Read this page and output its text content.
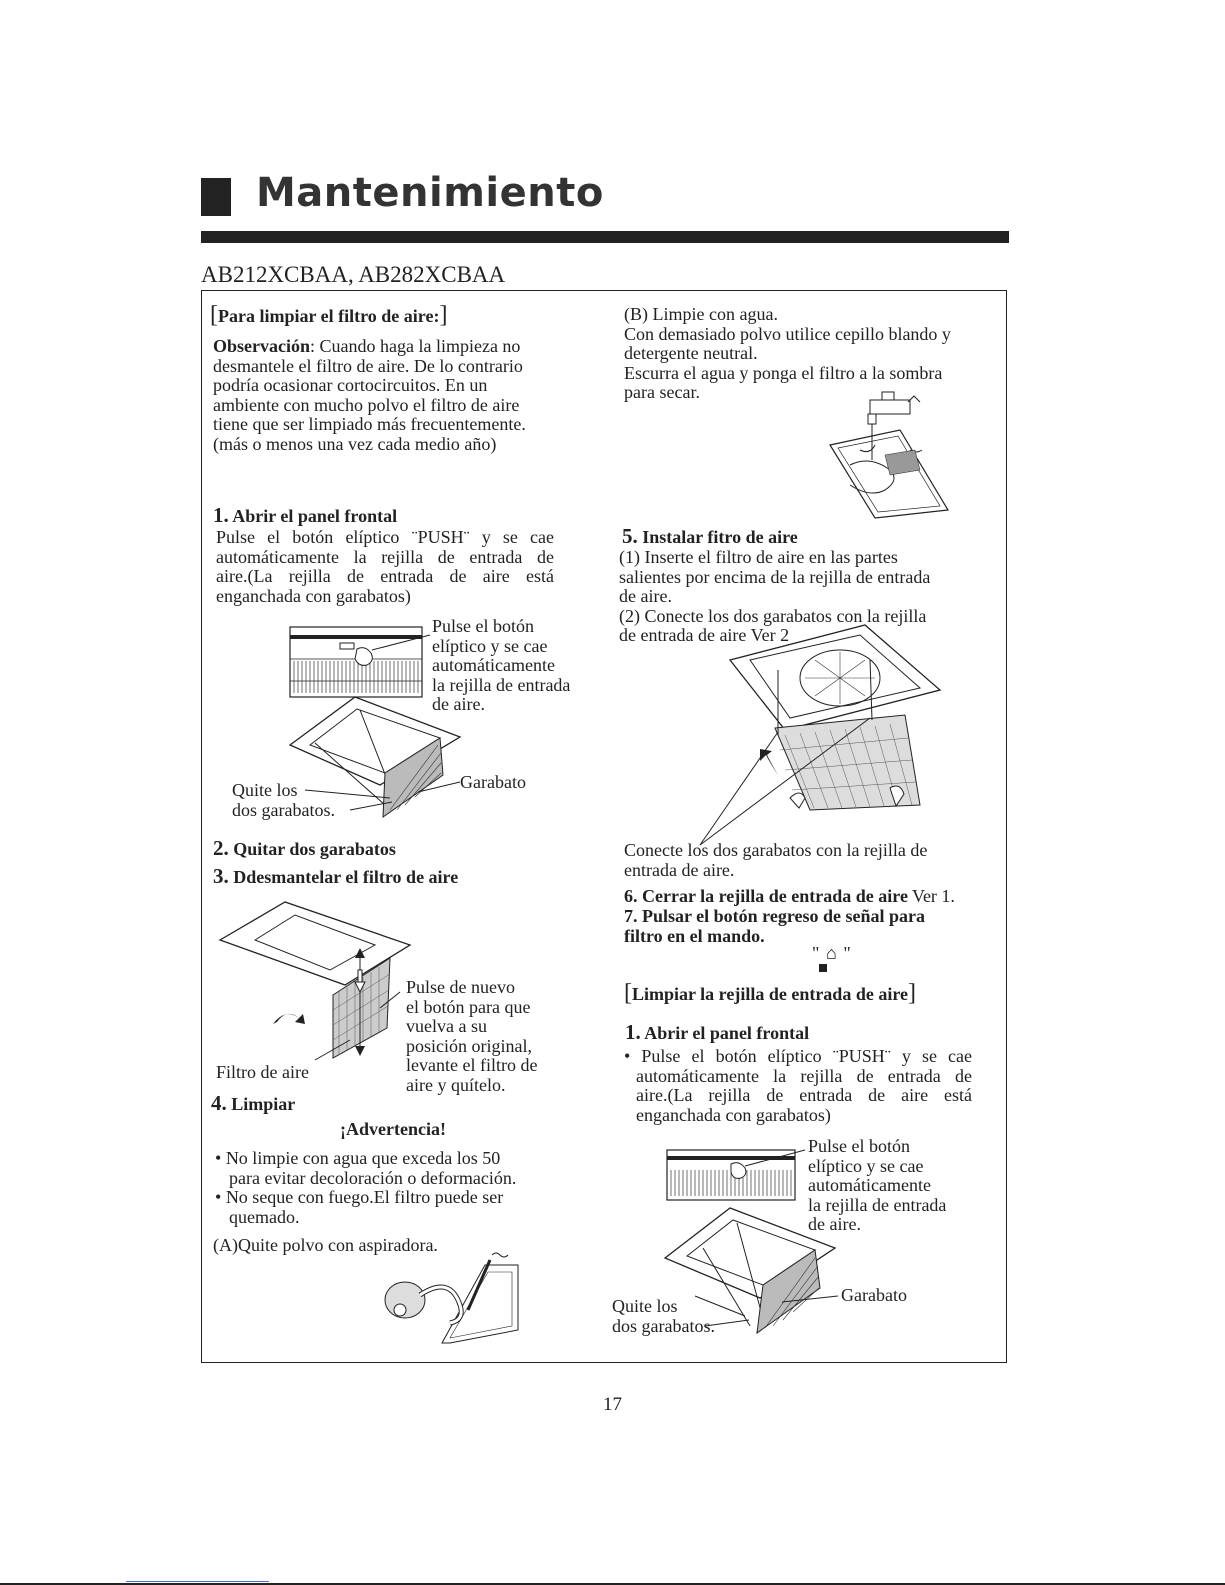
Mantenimiento
AB212XCBAA, AB282XCBAA
[Para limpiar el filtro de aire:]
Observación: Cuando haga la limpieza no
desmantele el filtro de aire. De lo contrario
podría ocasionar cortocircuitos. En un
ambiente con mucho polvo el filtro de aire
tiene que ser limpiado más frecuentemente.
(más o menos una vez cada medio año)
1. Abrir el panel frontal
Pulse el botón elíptico ¨PUSH¨ y se cae
automáticamente la rejilla de entrada de
aire.(La rejilla de entrada de aire está
enganchada con garabatos)
Pulse el botón
elíptico y se cae
automáticamente
la rejilla de entrada
de aire.
Quite los
dos garabatos.
Garabato
2. Quitar dos garabatos
3. Ddesmantelar el filtro de aire
Pulse de nuevo
el botón para que
vuelva a su
posición original,
levante el filtro de
aire y quítelo.
Filtro de aire
4. Limpiar
¡Advertencia!
• No limpie con agua que exceda los 50
para evitar decoloración o deformación.
• No seque con fuego.El filtro puede ser
quemado.
(A)Quite polvo con aspiradora.
(B) Limpie con agua.
Con demasiado polvo utilice cepillo blando y
detergente neutral.
Escurra el agua y ponga el filtro a la sombra
para secar.
5. Instalar fitro de aire
(1) Inserte el filtro de aire en las partes
salientes por encima de la rejilla de entrada
de aire.
(2) Conecte los dos garabatos con la rejilla
de entrada de aire Ver 2
Conecte los dos garabatos con la rejilla de
entrada de aire.
6. Cerrar la rejilla de entrada de aire Ver 1.
7. Pulsar el botón regreso de señal para
filtro en el mando.
" ⌂ "
[Limpiar la rejilla de entrada de aire]
1. Abrir el panel frontal
• Pulse el botón elíptico ¨PUSH¨ y se cae
automáticamente la rejilla de entrada de
aire.(La rejilla de entrada de aire está
enganchada con garabatos)
Pulse el botón
elíptico y se cae
automáticamente
la rejilla de entrada
de aire.
Quite los
dos garabatos.
Garabato
17
